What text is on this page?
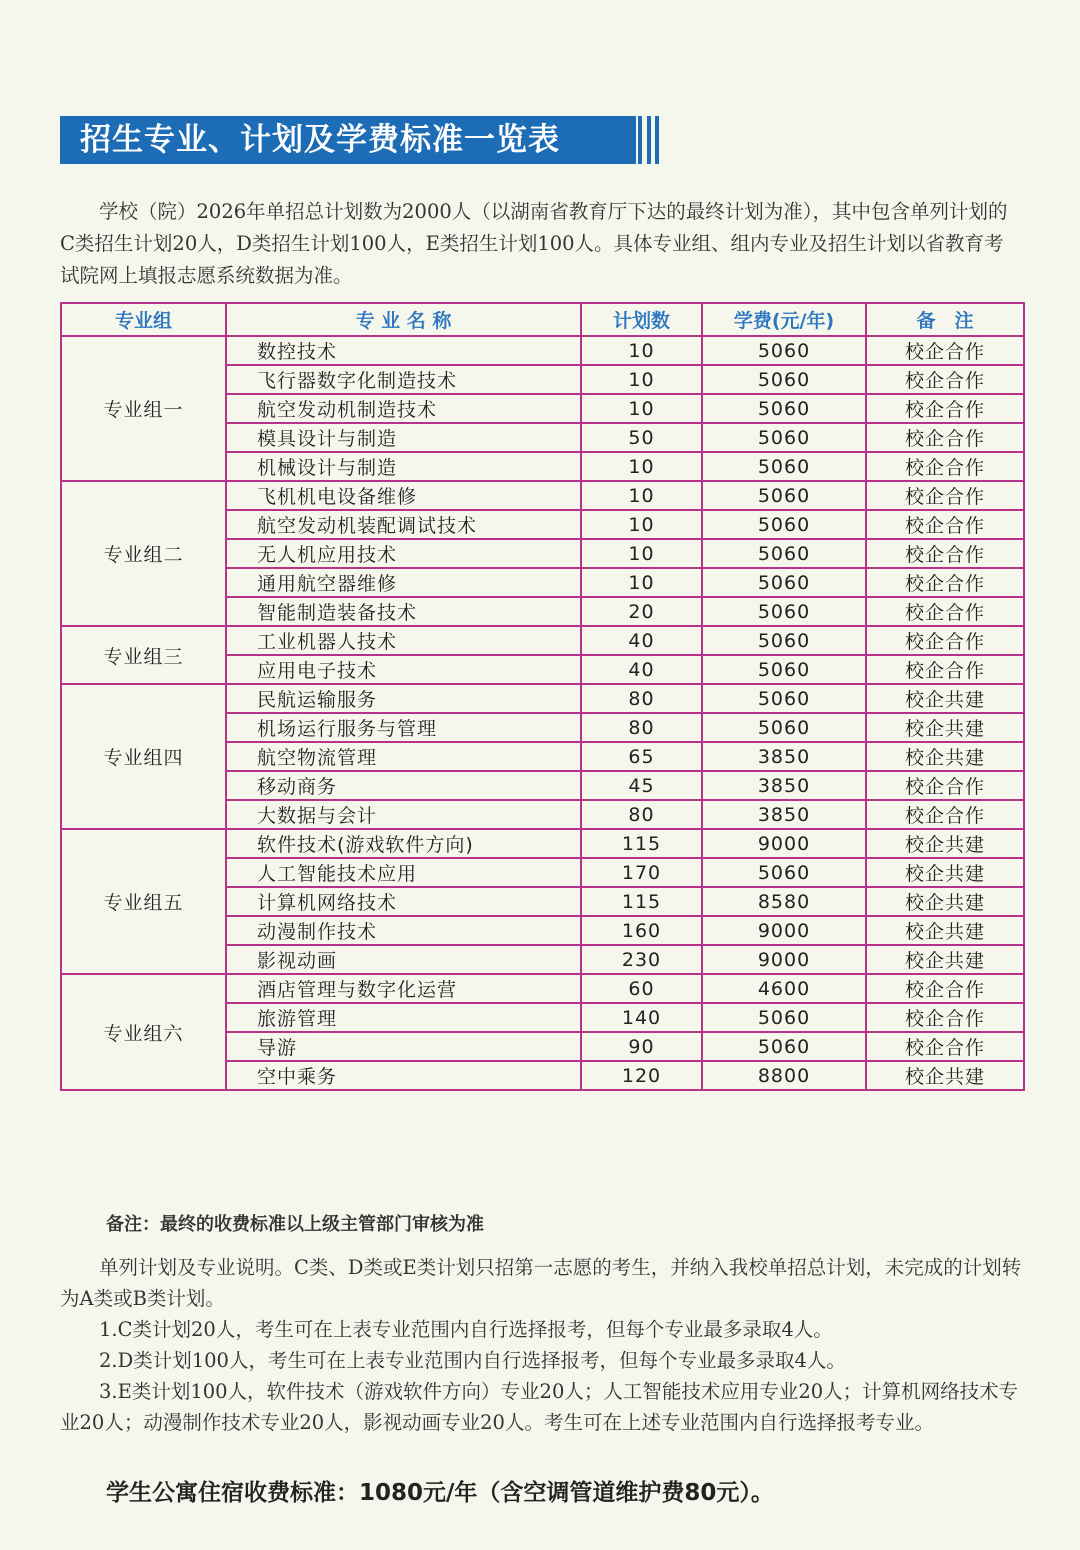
招生专业、计划及学费标准一览表

学校（院）2026年单招总计划数为2000人（以湖南省教育厅下达的最终计划为准），其中包含单列计划的C类招生计划20人，D类招生计划100人，E类招生计划100人。具体专业组、组内专业及招生计划以省教育考试院网上填报志愿系统数据为准。

专业组	专 业 名 称	计划数	学费(元/年)	备　注
专业组一	数控技术	10	5060	校企合作
	飞行器数字化制造技术	10	5060	校企合作
	航空发动机制造技术	10	5060	校企合作
	模具设计与制造	50	5060	校企合作
	机械设计与制造	10	5060	校企合作
专业组二	飞机机电设备维修	10	5060	校企合作
	航空发动机装配调试技术	10	5060	校企合作
	无人机应用技术	10	5060	校企合作
	通用航空器维修	10	5060	校企合作
	智能制造装备技术	20	5060	校企合作
专业组三	工业机器人技术	40	5060	校企合作
	应用电子技术	40	5060	校企合作
专业组四	民航运输服务	80	5060	校企共建
	机场运行服务与管理	80	5060	校企共建
	航空物流管理	65	3850	校企共建
	移动商务	45	3850	校企合作
	大数据与会计	80	3850	校企合作
专业组五	软件技术(游戏软件方向)	115	9000	校企共建
	人工智能技术应用	170	5060	校企共建
	计算机网络技术	115	8580	校企共建
	动漫制作技术	160	9000	校企共建
	影视动画	230	9000	校企共建
专业组六	酒店管理与数字化运营	60	4600	校企合作
	旅游管理	140	5060	校企合作
	导游	90	5060	校企合作
	空中乘务	120	8800	校企共建
备注：最终的收费标准以上级主管部门审核为准

单列计划及专业说明。C类、D类或E类计划只招第一志愿的考生，并纳入我校单招总计划，未完成的计划转为A类或B类计划。

1.C类计划20人，考生可在上表专业范围内自行选择报考，但每个专业最多录取4人。

2.D类计划100人，考生可在上表专业范围内自行选择报考，但每个专业最多录取4人。

3.E类计划100人，软件技术（游戏软件方向）专业20人；人工智能技术应用专业20人；计算机网络技术专业20人；动漫制作技术专业20人，影视动画专业20人。考生可在上述专业范围内自行选择报考专业。

学生公寓住宿收费标准：1080元/年（含空调管道维护费80元）。
